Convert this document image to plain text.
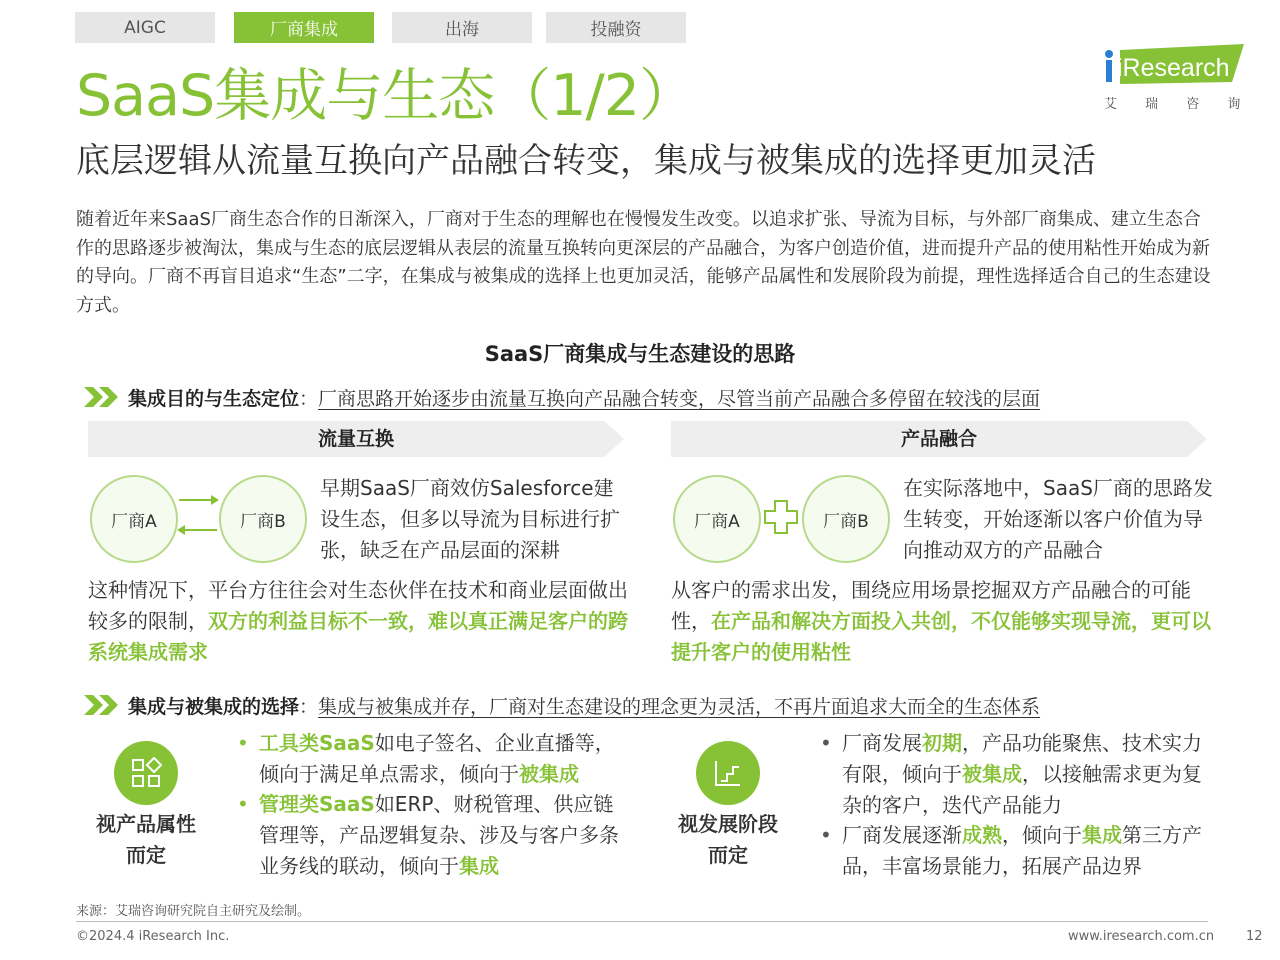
AIGC	厂商集成	出海	投融资
SaaS集成与生态（1/2）
底层逻辑从流量互换向产品融合转变，集成与被集成的选择更加灵活
iResearch
艾 瑞 咨 询
随着近年来SaaS厂商生态合作的日渐深入，厂商对于生态的理解也在慢慢发生改变。以追求扩张、导流为目标，与外部厂商集成、建立生态合作的思路逐步被淘汰，集成与生态的底层逻辑从表层的流量互换转向更深层的产品融合，为客户创造价值，进而提升产品的使用粘性开始成为新的导向。厂商不再盲目追求“生态”二字，在集成与被集成的选择上也更加灵活，能够产品属性和发展阶段为前提，理性选择适合自己的生态建设方式。
SaaS厂商集成与生态建设的思路
集成目的与生态定位 ： 厂商思路开始逐步由流量互换向产品融合转变，尽管当前产品融合多停留在较浅的层面
流量互换	产品融合
厂商A	厂商B
早期SaaS厂商效仿Salesforce建设生态，但多以导流为目标进行扩张，缺乏在产品层面的深耕
这种情况下，平台方往往会对生态伙伴在技术和商业层面做出较多的限制，双方的利益目标不一致，难以真正满足客户的跨系统集成需求
厂商A	厂商B
在实际落地中，SaaS厂商的思路发生转变，开始逐渐以客户价值为导向推动双方的产品融合
从客户的需求出发，围绕应用场景挖掘双方产品融合的可能性，在产品和解决方面投入共创，不仅能够实现导流，更可以提升客户的使用粘性
集成与被集成的选择 ： 集成与被集成并存，厂商对生态建设的理念更为灵活，不再片面追求大而全的生态体系
视产品属性
而定
• 工具类SaaS如电子签名、企业直播等，倾向于满足单点需求，倾向于被集成
• 管理类SaaS如ERP、财税管理、供应链管理等，产品逻辑复杂、涉及与客户多条业务线的联动，倾向于集成
视发展阶段
而定
• 厂商发展初期，产品功能聚焦、技术实力有限，倾向于被集成，以接触需求更为复杂的客户，迭代产品能力
• 厂商发展逐渐成熟，倾向于集成第三方产品，丰富场景能力，拓展产品边界
来源：艾瑞咨询研究院自主研究及绘制。
©2024.4 iResearch Inc.	www.iresearch.com.cn 12
